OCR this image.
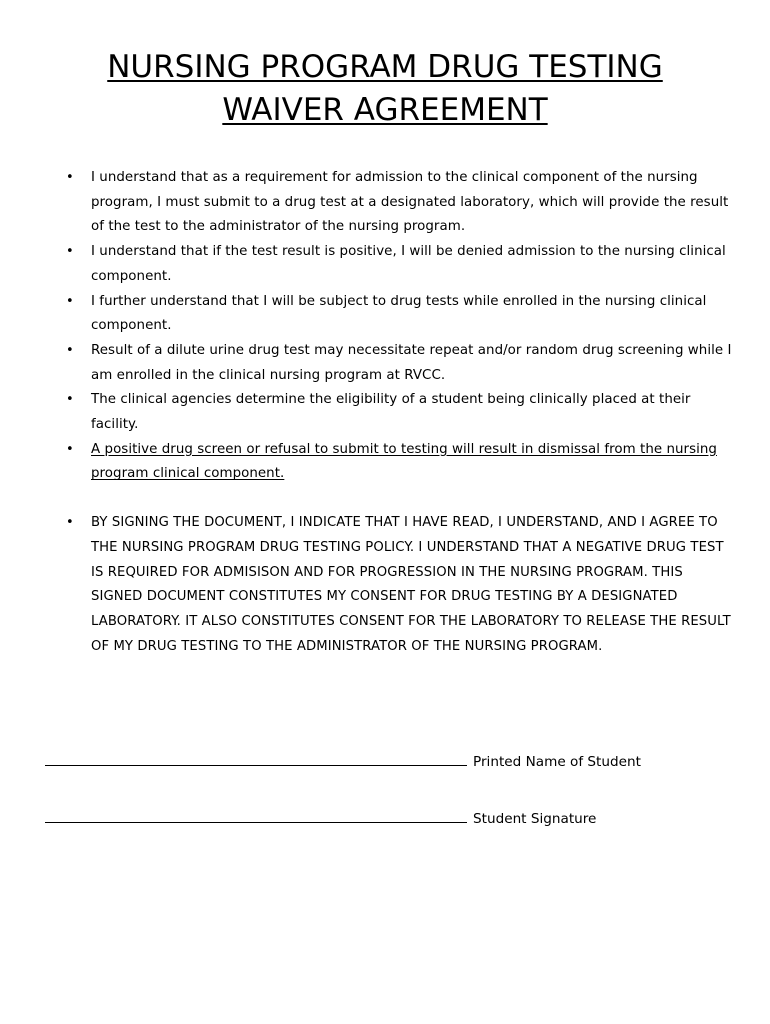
NURSING PROGRAM DRUG TESTING
WAIVER AGREEMENT
• I understand that as a requirement for admission to the clinical component of the nursing program, I must submit to a drug test at a designated laboratory, which will provide the result of the test to the administrator of the nursing program.
• I understand that if the test result is positive, I will be denied admission to the nursing clinical component.
• I further understand that I will be subject to drug tests while enrolled in the nursing clinical component.
• Result of a dilute urine drug test may necessitate repeat and/or random drug screening while I am enrolled in the clinical nursing program at RVCC.
• The clinical agencies determine the eligibility of a student being clinically placed at their facility.
• A positive drug screen or refusal to submit to testing will result in dismissal from the nursing program clinical component.
• BY SIGNING THE DOCUMENT, I INDICATE THAT I HAVE READ, I UNDERSTAND, AND I AGREE TO THE NURSING PROGRAM DRUG TESTING POLICY. I UNDERSTAND THAT A NEGATIVE DRUG TEST IS REQUIRED FOR ADMISISON AND FOR PROGRESSION IN THE NURSING PROGRAM. THIS SIGNED DOCUMENT CONSTITUTES MY CONSENT FOR DRUG TESTING BY A DESIGNATED LABORATORY. IT ALSO CONSTITUTES CONSENT FOR THE LABORATORY TO RELEASE THE RESULT OF MY DRUG TESTING TO THE ADMINISTRATOR OF THE NURSING PROGRAM.
Printed Name of Student
Student Signature
